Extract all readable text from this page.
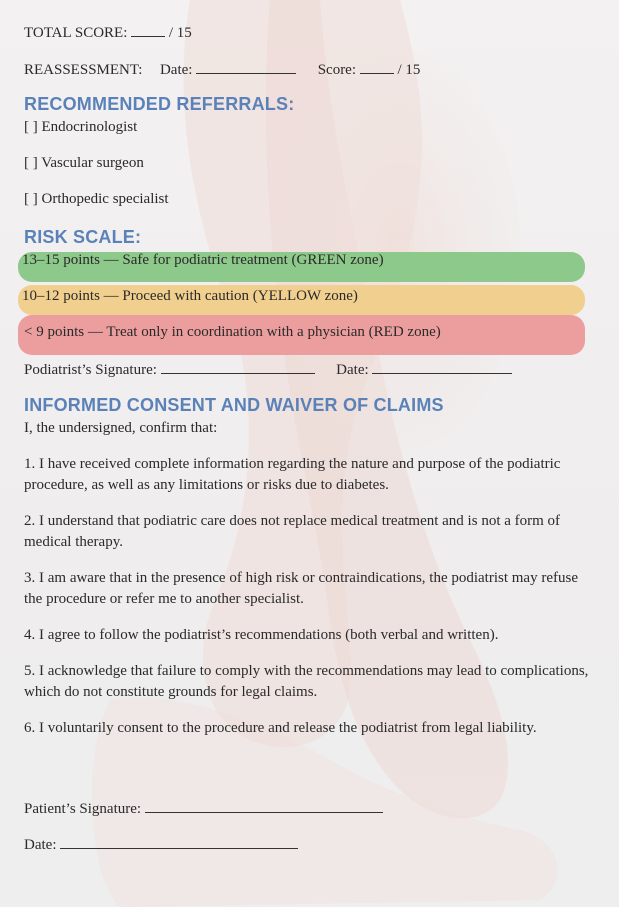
TOTAL SCORE:	/ 15
REASSESSMENT: Date:	Score:	/ 15
RECOMMENDED REFERRALS:
[ ] Endocrinologist
[ ] Vascular surgeon
[ ] Orthopedic specialist
RISK SCALE:
13–15 points — Safe for podiatric treatment (GREEN zone)
10–12 points — Proceed with caution (YELLOW zone)
< 9 points — Treat only in coordination with a physician (RED zone)
Podiatrist’s Signature:	Date:
INFORMED CONSENT AND WAIVER OF CLAIMS
I, the undersigned, confirm that:
1. I have received complete information regarding the nature and purpose of the podiatric procedure, as well as any limitations or risks due to diabetes.
2. I understand that podiatric care does not replace medical treatment and is not a form of medical therapy.
3. I am aware that in the presence of high risk or contraindications, the podiatrist may refuse the procedure or refer me to another specialist.
4. I agree to follow the podiatrist’s recommendations (both verbal and written).
5. I acknowledge that failure to comply with the recommendations may lead to complications, which do not constitute grounds for legal claims.
6. I voluntarily consent to the procedure and release the podiatrist from legal liability.
Patient’s Signature:
Date:
